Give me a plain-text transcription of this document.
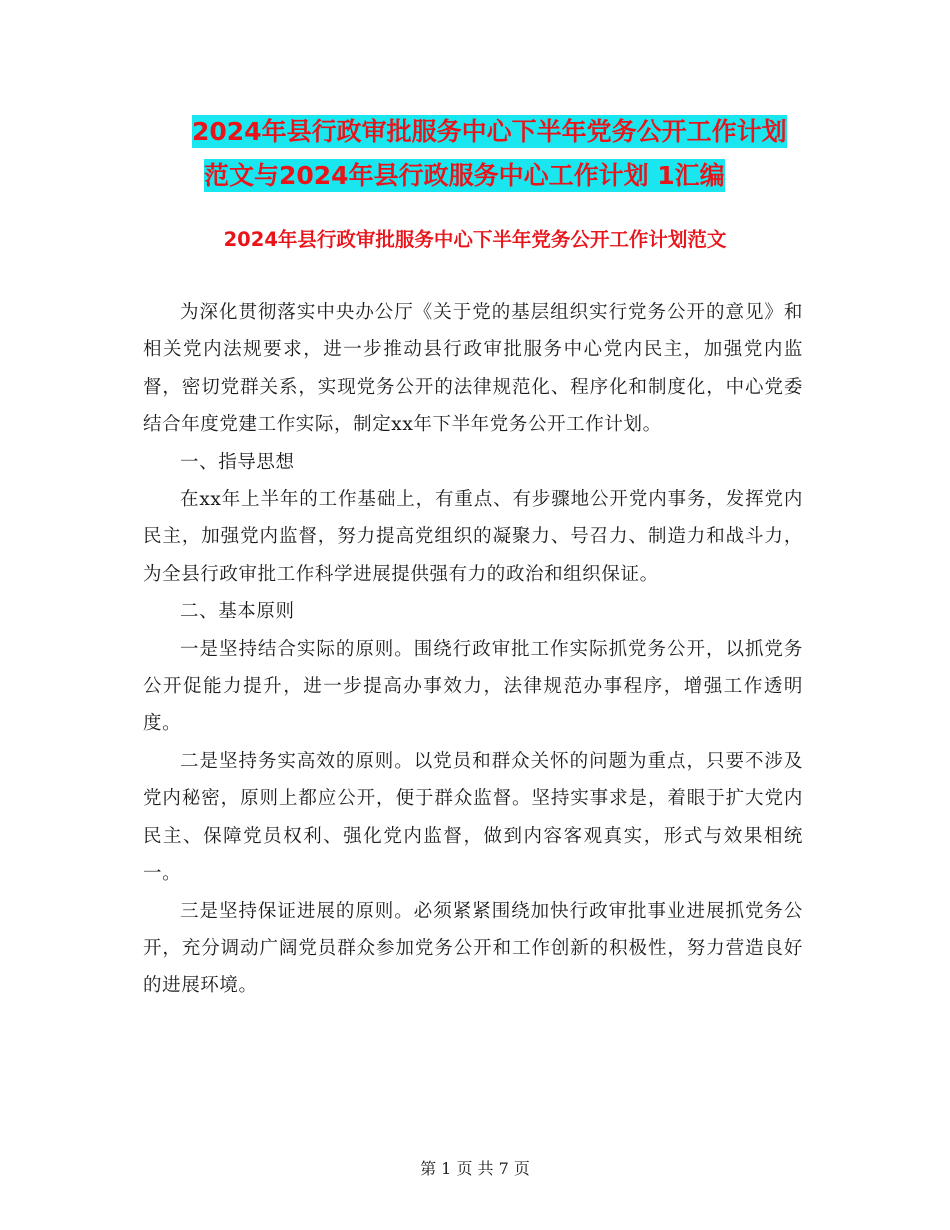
2024年县行政审批服务中心下半年党务公开工作计划
范文与2024年县行政服务中心工作计划 1汇编
2024年县行政审批服务中心下半年党务公开工作计划范文

为深化贯彻落实中央办公厅《关于党的基层组织实行党务公开的意见》和相关党内法规要求，进一步推动县行政审批服务中心党内民主，加强党内监督，密切党群关系，实现党务公开的法律规范化、程序化和制度化，中心党委结合年度党建工作实际，制定xx年下半年党务公开工作计划。

一、指导思想

在xx年上半年的工作基础上，有重点、有步骤地公开党内事务，发挥党内民主，加强党内监督，努力提高党组织的凝聚力、号召力、制造力和战斗力，为全县行政审批工作科学进展提供强有力的政治和组织保证。

二、基本原则

一是坚持结合实际的原则。围绕行政审批工作实际抓党务公开，以抓党务公开促能力提升，进一步提高办事效力，法律规范办事程序，增强工作透明度。

二是坚持务实高效的原则。以党员和群众关怀的问题为重点，只要不涉及党内秘密，原则上都应公开，便于群众监督。坚持实事求是，着眼于扩大党内民主、保障党员权利、强化党内监督，做到内容客观真实，形式与效果相统一。

三是坚持保证进展的原则。必须紧紧围绕加快行政审批事业进展抓党务公开，充分调动广阔党员群众参加党务公开和工作创新的积极性，努力营造良好的进展环境。

第 1 页 共 7 页
